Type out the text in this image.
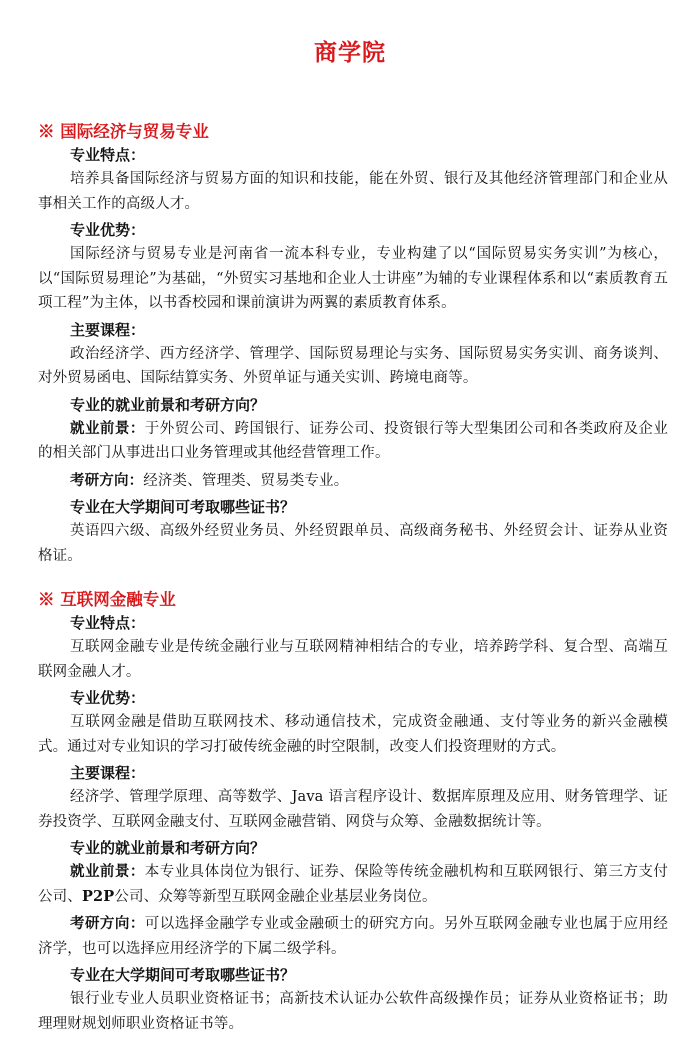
商学院
※ 国际经济与贸易专业
专业特点：

培养具备国际经济与贸易方面的知识和技能，能在外贸、银行及其他经济管理部门和企业从事相关工作的高级人才。

专业优势：

国际经济与贸易专业是河南省一流本科专业，专业构建了以“国际贸易实务实训”为核心，以“国际贸易理论”为基础，“外贸实习基地和企业人士讲座”为辅的专业课程体系和以“素质教育五项工程”为主体，以书香校园和课前演讲为两翼的素质教育体系。

主要课程：

政治经济学、西方经济学、管理学、国际贸易理论与实务、国际贸易实务实训、商务谈判、对外贸易函电、国际结算实务、外贸单证与通关实训、跨境电商等。

专业的就业前景和考研方向？

就业前景：于外贸公司、跨国银行、证券公司、投资银行等大型集团公司和各类政府及企业的相关部门从事进出口业务管理或其他经营管理工作。

考研方向：经济类、管理类、贸易类专业。

专业在大学期间可考取哪些证书？

英语四六级、高级外经贸业务员、外经贸跟单员、高级商务秘书、外经贸会计、证券从业资格证。

※ 互联网金融专业
专业特点：

互联网金融专业是传统金融行业与互联网精神相结合的专业，培养跨学科、复合型、高端互联网金融人才。

专业优势：

互联网金融是借助互联网技术、移动通信技术，完成资金融通、支付等业务的新兴金融模式。通过对专业知识的学习打破传统金融的时空限制，改变人们投资理财的方式。

主要课程：

经济学、管理学原理、高等数学、Java 语言程序设计、数据库原理及应用、财务管理学、证券投资学、互联网金融支付、互联网金融营销、网贷与众筹、金融数据统计等。

专业的就业前景和考研方向？

就业前景：本专业具体岗位为银行、证券、保险等传统金融机构和互联网银行、第三方支付公司、P2P公司、众筹等新型互联网金融企业基层业务岗位。

考研方向：可以选择金融学专业或金融硕士的研究方向。另外互联网金融专业也属于应用经济学，也可以选择应用经济学的下属二级学科。

专业在大学期间可考取哪些证书？

银行业专业人员职业资格证书；高新技术认证办公软件高级操作员；证券从业资格证书；助理理财规划师职业资格证书等。
